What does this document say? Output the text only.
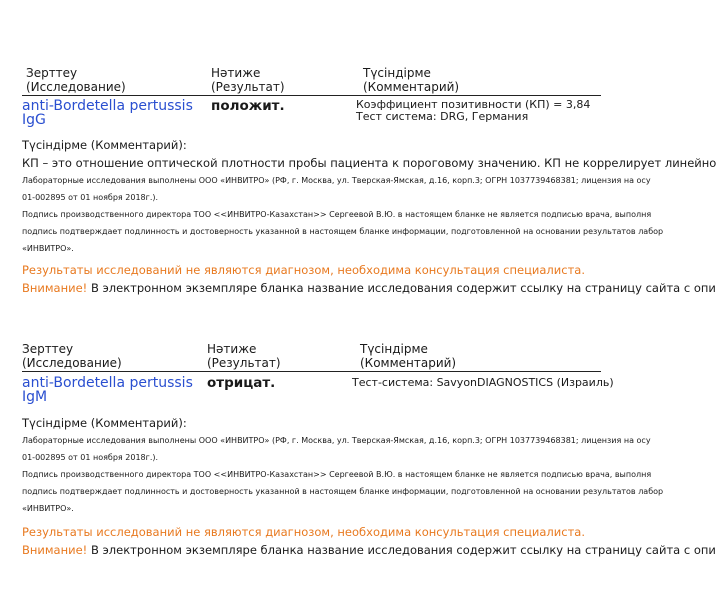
Зерттеу
(Исследование)
Нәтиже
(Результат)
Түсіндірме
(Комментарий)
anti-Bordetella pertussis
IgG
положит.	Коэффициент позитивности (КП) = 3,84
Тест система: DRG, Германия
Түсіндірме (Комментарий):
КП – это отношение оптической плотности пробы пациента к пороговому значению. КП не коррелирует линейно
Лабораторные исследования выполнены ООО «ИНВИТРО» (РФ, г. Москва, ул. Тверская-Ямская, д.16, корп.3; ОГРН 1037739468381; лицензия на осу
01-002895 от 01 ноября 2018г.).
Подпись производственного директора ТОО <<ИНВИТРО-Казахстан>> Сергеевой В.Ю. в настоящем бланке не является подписью врача, выполня
подпись подтверждает подлинность и достоверность указанной в настоящем бланке информации, подготовленной на основании результатов лабор
«ИНВИТРО».
Результаты исследований не являются диагнозом, необходима консультация специалиста.
Внимание! В электронном экземпляре бланка название исследования содержит ссылку на страницу сайта с опи
Зерттеу
(Исследование)
Нәтиже
(Результат)
Түсіндірме
(Комментарий)
anti-Bordetella pertussis
IgM
отрицат.	Тест-система: SavyonDIAGNOSTICS (Израиль)
Түсіндірме (Комментарий):
Лабораторные исследования выполнены ООО «ИНВИТРО» (РФ, г. Москва, ул. Тверская-Ямская, д.16, корп.3; ОГРН 1037739468381; лицензия на осу
01-002895 от 01 ноября 2018г.).
Подпись производственного директора ТОО <<ИНВИТРО-Казахстан>> Сергеевой В.Ю. в настоящем бланке не является подписью врача, выполня
подпись подтверждает подлинность и достоверность указанной в настоящем бланке информации, подготовленной на основании результатов лабор
«ИНВИТРО».
Результаты исследований не являются диагнозом, необходима консультация специалиста.
Внимание! В электронном экземпляре бланка название исследования содержит ссылку на страницу сайта с опи
